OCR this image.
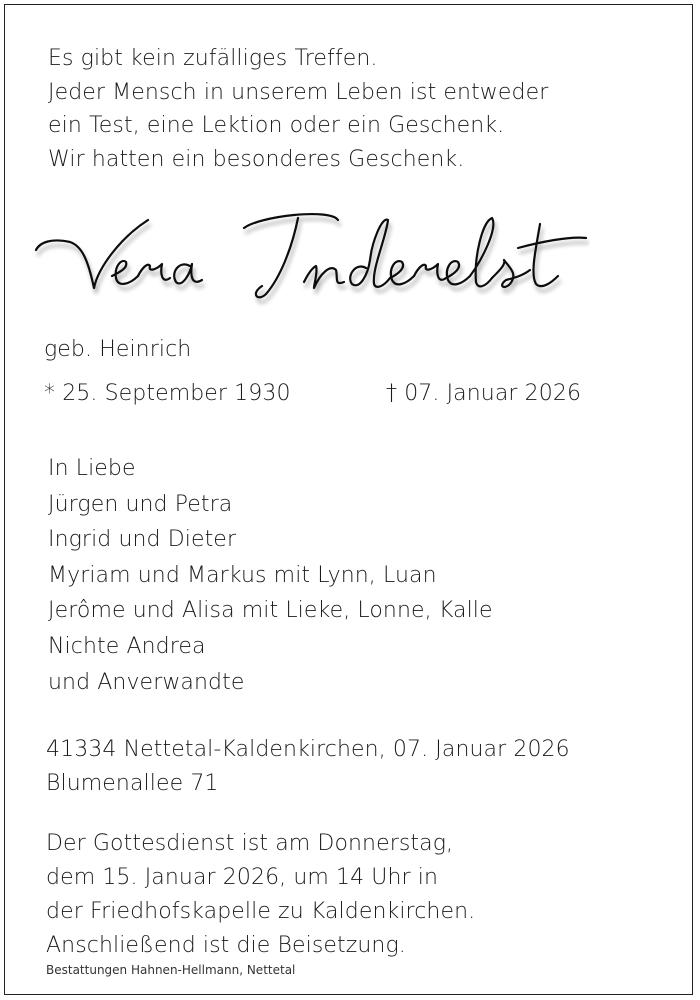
Es gibt kein zufälliges Treffen.
Jeder Mensch in unserem Leben ist entweder
ein Test, eine Lektion oder ein Geschenk.
Wir hatten ein besonderes Geschenk.
geb. Heinrich
* 25. September 1930	† 07. Januar 2026
In Liebe
Jürgen und Petra
Ingrid und Dieter
Myriam und Markus mit Lynn, Luan
Jerôme und Alisa mit Lieke, Lonne, Kalle
Nichte Andrea
und Anverwandte
41334 Nettetal-Kaldenkirchen, 07. Januar 2026
Blumenallee 71
Der Gottesdienst ist am Donnerstag,
dem 15. Januar 2026, um 14 Uhr in
der Friedhofskapelle zu Kaldenkirchen.
Anschließend ist die Beisetzung.
Bestattungen Hahnen-Hellmann, Nettetal
